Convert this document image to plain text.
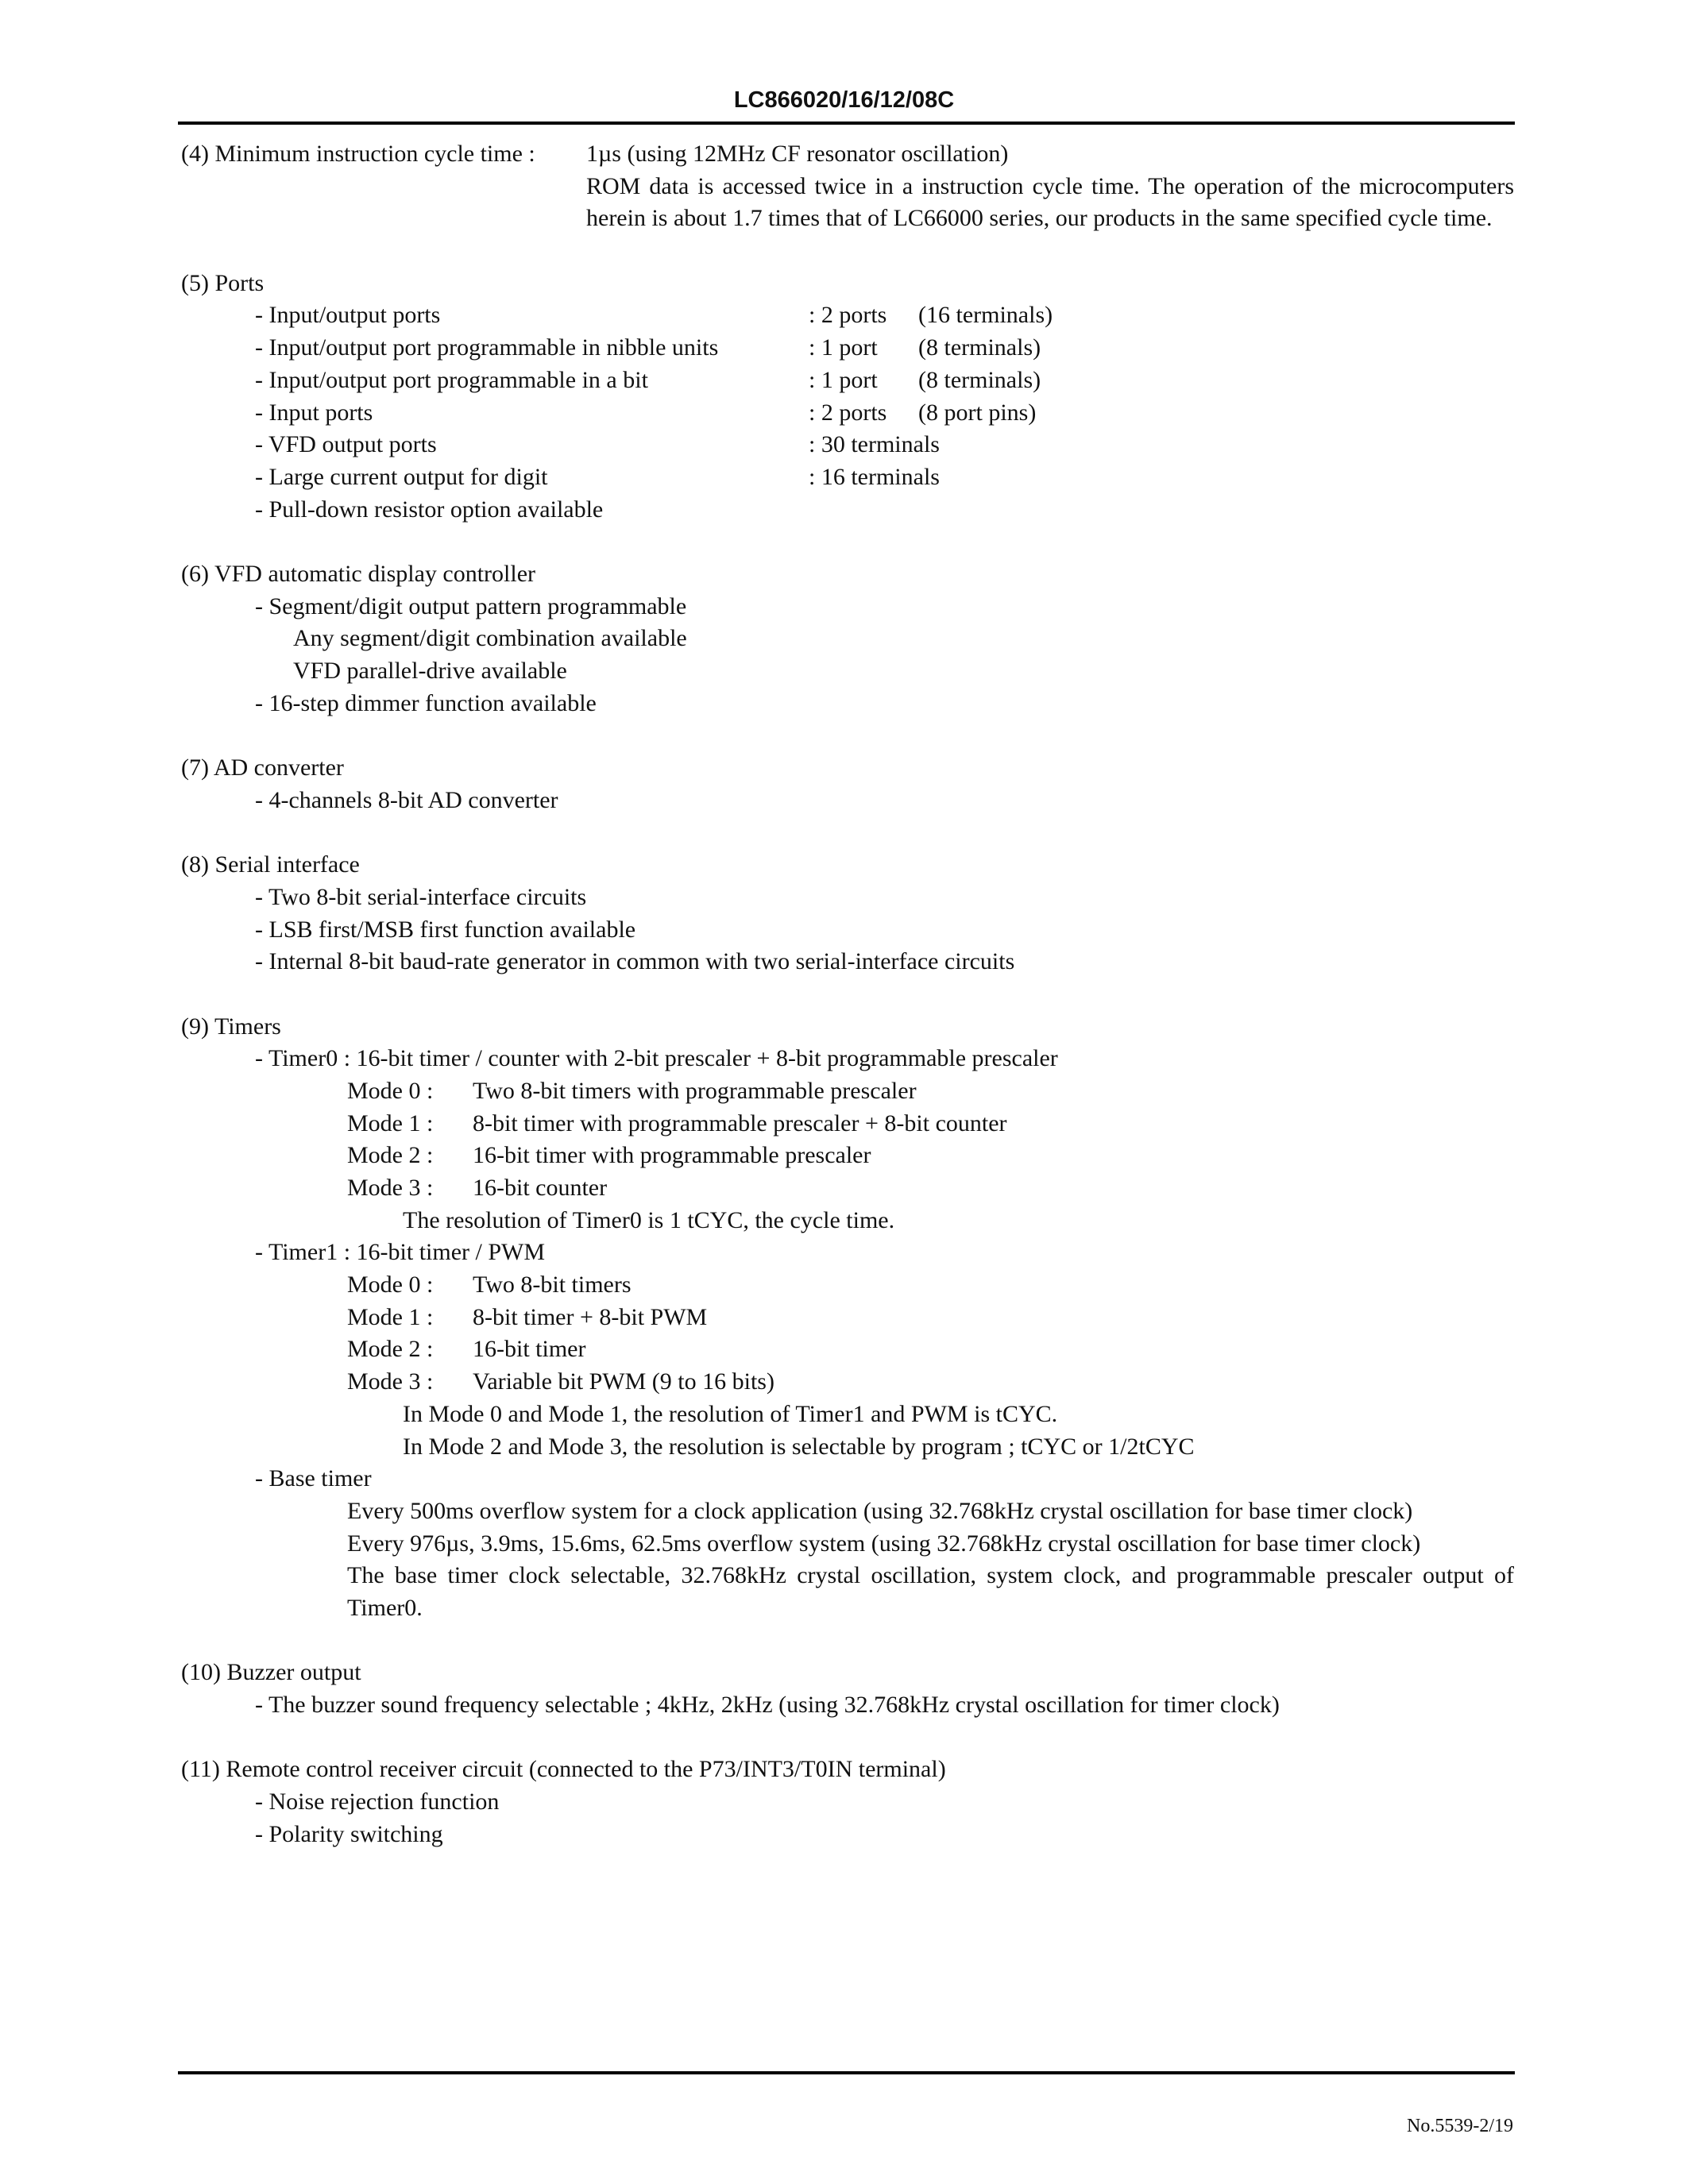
LC866020/16/12/08C
(4) Minimum instruction cycle time :	1µs (using 12MHz CF resonator oscillation)
ROM data is accessed twice in a instruction cycle time. The operation of the microcomputers herein is about 1.7 times that of LC66000 series, our products in the same specified cycle time.
(5) Ports
- Input/output ports	: 2 ports	(16 terminals)
- Input/output port programmable in nibble units	: 1 port	(8 terminals)
- Input/output port programmable in a bit	: 1 port	(8 terminals)
- Input ports	: 2 ports	(8 port pins)
- VFD output ports	: 30 terminals
- Large current output for digit	: 16 terminals
- Pull-down resistor option available
(6) VFD automatic display controller
- Segment/digit output pattern programmable
Any segment/digit combination available
VFD parallel-drive available
- 16-step dimmer function available
(7) AD converter
- 4-channels 8-bit AD converter
(8) Serial interface
- Two 8-bit serial-interface circuits
- LSB first/MSB first function available
- Internal 8-bit baud-rate generator in common with two serial-interface circuits
(9) Timers
- Timer0 : 16-bit timer / counter with 2-bit prescaler + 8-bit programmable prescaler
Mode 0 :	Two 8-bit timers with programmable prescaler
Mode 1 :	8-bit timer with programmable prescaler + 8-bit counter
Mode 2 :	16-bit timer with programmable prescaler
Mode 3 :	16-bit counter
The resolution of Timer0 is 1 tCYC, the cycle time.
- Timer1 : 16-bit timer / PWM
Mode 0 :	Two 8-bit timers
Mode 1 :	8-bit timer + 8-bit PWM
Mode 2 :	16-bit timer
Mode 3 :	Variable bit PWM (9 to 16 bits)
In Mode 0 and Mode 1, the resolution of Timer1 and PWM is tCYC.
In Mode 2 and Mode 3, the resolution is selectable by program ; tCYC or 1/2tCYC
- Base timer
Every 500ms overflow system for a clock application (using 32.768kHz crystal oscillation for base timer clock)
Every 976µs, 3.9ms, 15.6ms, 62.5ms overflow system (using 32.768kHz crystal oscillation for base timer clock)
The base timer clock selectable, 32.768kHz crystal oscillation, system clock, and programmable prescaler output of Timer0.
(10) Buzzer output
- The buzzer sound frequency selectable ; 4kHz, 2kHz (using 32.768kHz crystal oscillation for timer clock)
(11) Remote control receiver circuit (connected to the P73/INT3/T0IN terminal)
- Noise rejection function
- Polarity switching
No.5539-2/19
